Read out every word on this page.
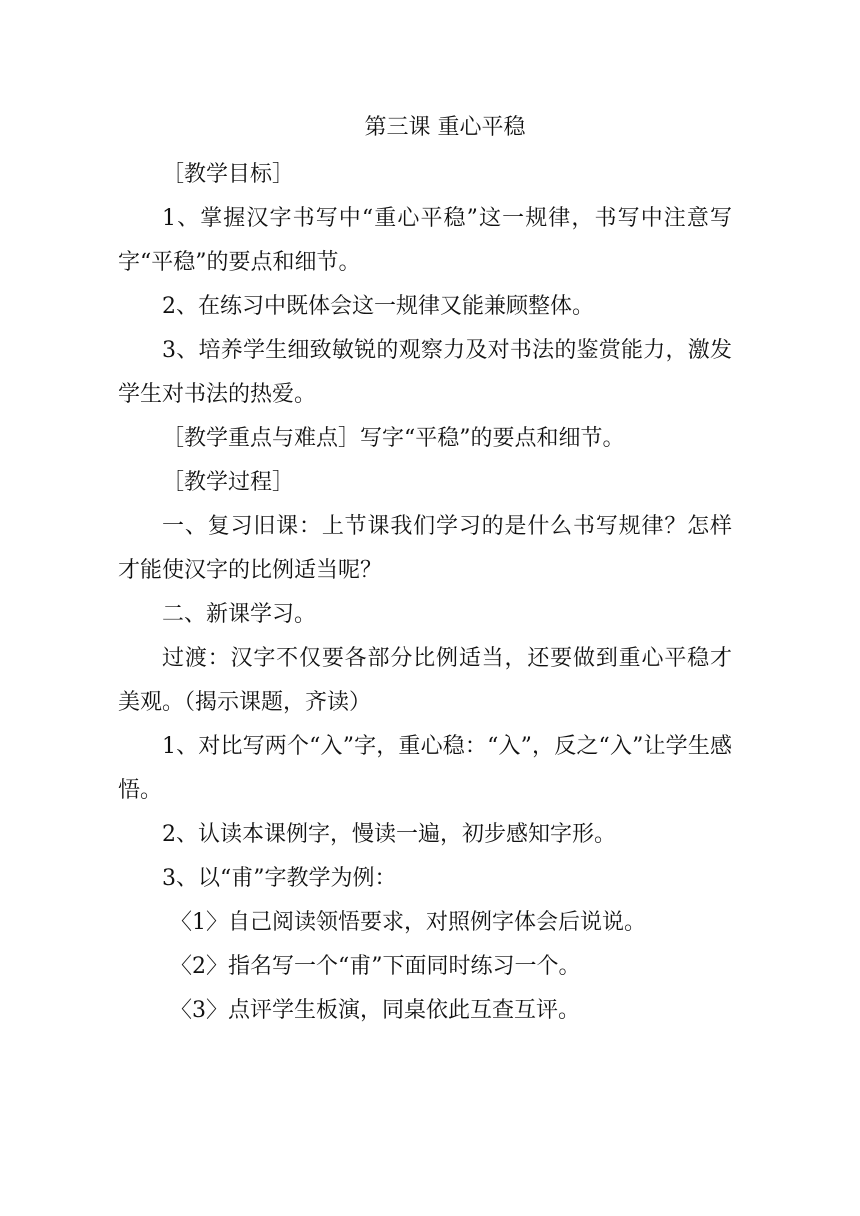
第三课 重心平稳

［教学目标］

1、掌握汉字书写中“重心平稳”这一规律，书写中注意写字“平稳”的要点和细节。

2、在练习中既体会这一规律又能兼顾整体。

3、培养学生细致敏锐的观察力及对书法的鉴赏能力，激发学生对书法的热爱。

［教学重点与难点］写字“平稳”的要点和细节。

［教学过程］

一、复习旧课：上节课我们学习的是什么书写规律？怎样才能使汉字的比例适当呢？

二、新课学习。

过渡：汉字不仅要各部分比例适当，还要做到重心平稳才美观。（揭示课题，齐读）

1、对比写两个“入”字，重心稳：“入”，反之“入”让学生感悟。

2、认读本课例字，慢读一遍，初步感知字形。

3、以“甫”字教学为例：

〈1〉自己阅读领悟要求，对照例字体会后说说。

〈2〉指名写一个“甫”下面同时练习一个。

〈3〉点评学生板演，同桌依此互查互评。
